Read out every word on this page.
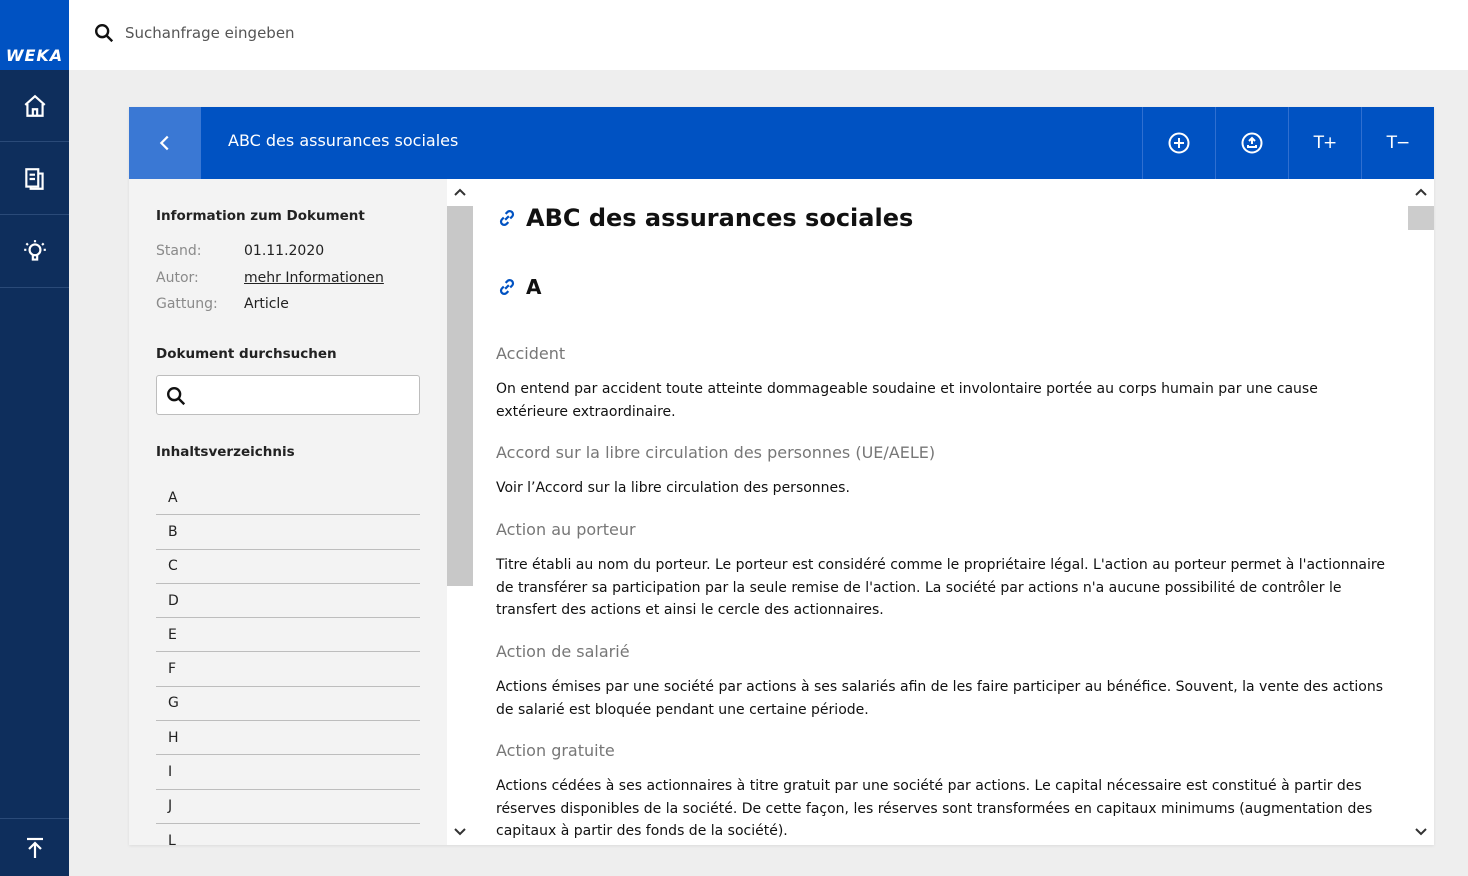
WEKA
Suchanfrage eingeben
ABC des assurances sociales	T+	T−
Information zum Dokument
Stand:	01.11.2020
Autor:	mehr Informationen
Gattung: Article
Dokument durchsuchen
Inhaltsverzeichnis
A
B
C
D
E
F
G
H
I
J
L
ABC des assurances sociales
A
Accident
On entend par accident toute atteinte dommageable soudaine et involontaire portée au corps humain par une cause extérieure extraordinaire.
Accord sur la libre circulation des personnes (UE/AELE)
Voir l’Accord sur la libre circulation des personnes.
Action au porteur
Titre établi au nom du porteur. Le porteur est considéré comme le propriétaire légal. L'action au porteur permet à l'actionnaire de transférer sa participation par la seule remise de l'action. La société par actions n'a aucune possibilité de contrôler le transfert des actions et ainsi le cercle des actionnaires.
Action de salarié
Actions émises par une société par actions à ses salariés afin de les faire participer au bénéfice. Souvent, la vente des actions de salarié est bloquée pendant une certaine période.
Action gratuite
Actions cédées à ses actionnaires à titre gratuit par une société par actions. Le capital nécessaire est constitué à partir des réserves disponibles de la société. De cette façon, les réserves sont transformées en capitaux minimums (augmentation des capitaux à partir des fonds de la société).
